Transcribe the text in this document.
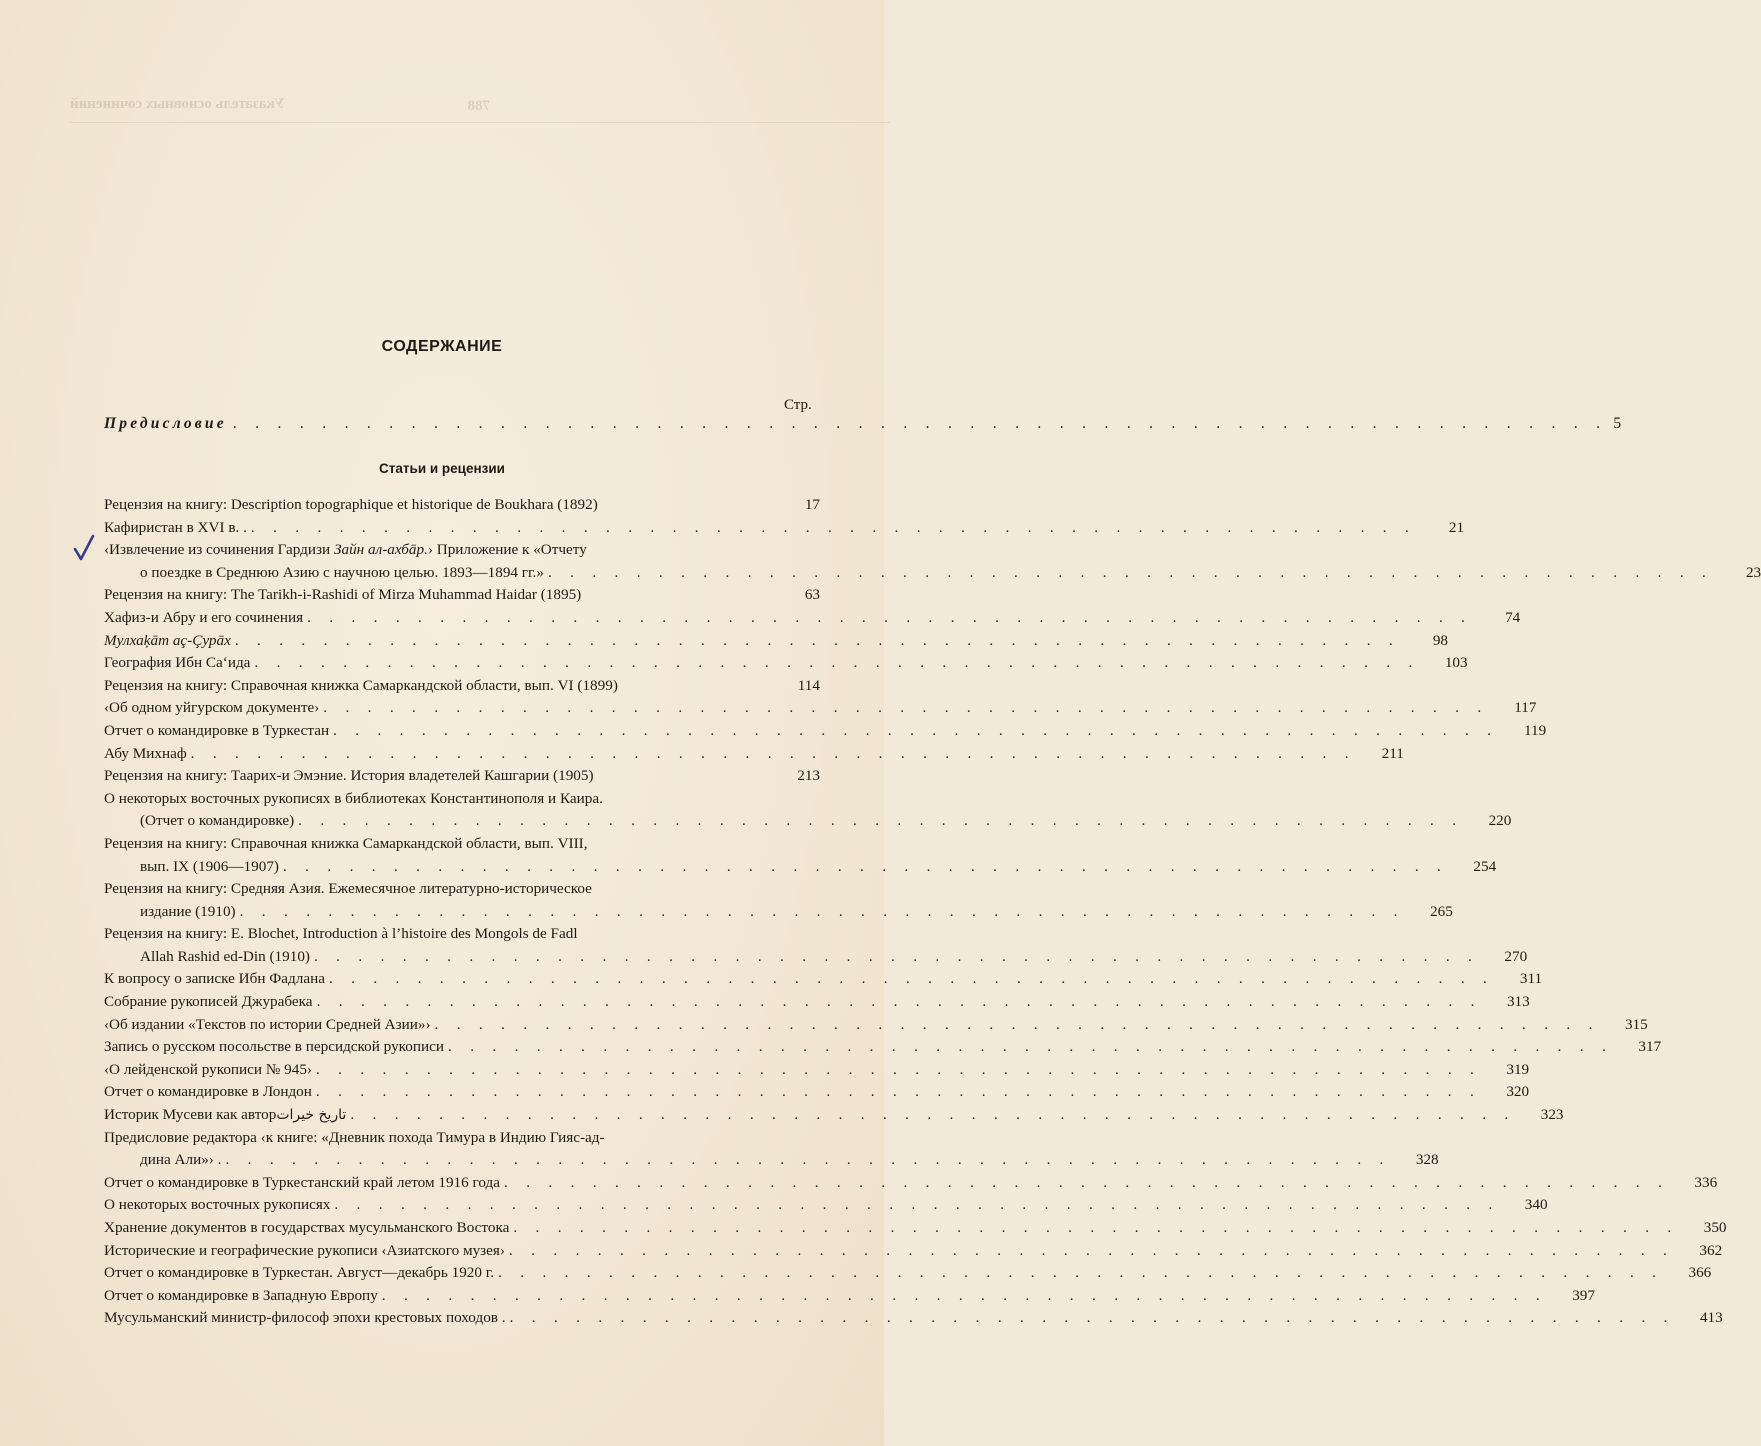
788
Указатель основных сочинений
СОДЕРЖАНИЕ
Стр.
Предисловие . . . . . . . . . . . . . . . . . . . . . . . . . . . . . . . . . . . . . . . . . . . . . . . . . . . . . . . . . . . . . . 5
Статьи и рецензии
Рецензия на книгу: Description topographique et historique de Boukhara (1892)	17
Кафиристан в XVI в. . . . . . . . . . . . . . . . . . . . . . . . . . . . . . . . . . . . . . . . . . . . . . . . . . . . . . .	21
‹Извлечение из сочинения Гардизи Зайн ал-ахбāр.› Приложение к «Отчету
о поездке в Среднюю Азию с научною целью. 1893—1894 гг.» . . . . . . . . . . . . . . . . . . . . . . . . . . . . . . . . . . . . . . . . . . . . . . . . . . . . .	23
Рецензия на книгу: The Tarikh-i-Rashidi of Mirza Muhammad Haidar (1895)	63
Хафиз-и Абру и его сочинения . . . . . . . . . . . . . . . . . . . . . . . . . . . . . . . . . . . . . . . . . . . . . . . . . . . . .	74
Мулхаķāт аç-Çурāх . . . . . . . . . . . . . . . . . . . . . . . . . . . . . . . . . . . . . . . . . . . . . . . . . . . . .	98
География Ибн Саʻида . . . . . . . . . . . . . . . . . . . . . . . . . . . . . . . . . . . . . . . . . . . . . . . . . . . . .	103
Рецензия на книгу: Справочная книжка Самаркандской области, вып. VI (1899)	114
‹Об одном уйгурском документе› . . . . . . . . . . . . . . . . . . . . . . . . . . . . . . . . . . . . . . . . . . . . . . . . . . . . .	117
Отчет о командировке в Туркестан . . . . . . . . . . . . . . . . . . . . . . . . . . . . . . . . . . . . . . . . . . . . . . . . . . . . .	119
Абу Михнаф . . . . . . . . . . . . . . . . . . . . . . . . . . . . . . . . . . . . . . . . . . . . . . . . . . . . .	211
Рецензия на книгу: Таарих-и Эмэние. История владетелей Кашгарии (1905)	213
О некоторых восточных рукописях в библиотеках Константинополя и Каира.
(Отчет о командировке) . . . . . . . . . . . . . . . . . . . . . . . . . . . . . . . . . . . . . . . . . . . . . . . . . . . . .	220
Рецензия на книгу: Справочная книжка Самаркандской области, вып. VIII,
вып. IX (1906—1907) . . . . . . . . . . . . . . . . . . . . . . . . . . . . . . . . . . . . . . . . . . . . . . . . . . . . .	254
Рецензия на книгу: Средняя Азия. Ежемесячное литературно-историческое
издание (1910) . . . . . . . . . . . . . . . . . . . . . . . . . . . . . . . . . . . . . . . . . . . . . . . . . . . . .	265
Рецензия на книгу: E. Blochet, Introduction à l’histoire des Mongols de Fadl
Allah Rashid ed-Din (1910) . . . . . . . . . . . . . . . . . . . . . . . . . . . . . . . . . . . . . . . . . . . . . . . . . . . . .	270
К вопросу о записке Ибн Фадлана . . . . . . . . . . . . . . . . . . . . . . . . . . . . . . . . . . . . . . . . . . . . . . . . . . . . .	311
Собрание рукописей Джурабека . . . . . . . . . . . . . . . . . . . . . . . . . . . . . . . . . . . . . . . . . . . . . . . . . . . . .	313
‹Об издании «Текстов по истории Средней Азии»› . . . . . . . . . . . . . . . . . . . . . . . . . . . . . . . . . . . . . . . . . . . . . . . . . . . . .	315
Запись о русском посольстве в персидской рукописи . . . . . . . . . . . . . . . . . . . . . . . . . . . . . . . . . . . . . . . . . . . . . . . . . . . . .	317
‹О лейденской рукописи № 945› . . . . . . . . . . . . . . . . . . . . . . . . . . . . . . . . . . . . . . . . . . . . . . . . . . . . .	319
Отчет о командировке в Лондон . . . . . . . . . . . . . . . . . . . . . . . . . . . . . . . . . . . . . . . . . . . . . . . . . . . . .	320
Историк Мусеви как автор تاريخ خيرات . . . . . . . . . . . . . . . . . . . . . . . . . . . . . . . . . . . . . . . . . . . . . . . . . . . . .	323
Предисловие редактора ‹к книге: «Дневник похода Тимура в Индию Гияс-ад-
дина Али»› . . . . . . . . . . . . . . . . . . . . . . . . . . . . . . . . . . . . . . . . . . . . . . . . . . . . . .	328
Отчет о командировке в Туркестанский край летом 1916 года . . . . . . . . . . . . . . . . . . . . . . . . . . . . . . . . . . . . . . . . . . . . . . . . . . . . .	336
О некоторых восточных рукописях . . . . . . . . . . . . . . . . . . . . . . . . . . . . . . . . . . . . . . . . . . . . . . . . . . . . .	340
Хранение документов в государствах мусульманского Востока . . . . . . . . . . . . . . . . . . . . . . . . . . . . . . . . . . . . . . . . . . . . . . . . . . . . .	350
Исторические и географические рукописи ‹Азиатского музея› . . . . . . . . . . . . . . . . . . . . . . . . . . . . . . . . . . . . . . . . . . . . . . . . . . . . .	362
Отчет о командировке в Туркестан. Август—декабрь 1920 г. . . . . . . . . . . . . . . . . . . . . . . . . . . . . . . . . . . . . . . . . . . . . . . . . . . . . .	366
Отчет о командировке в Западную Европу . . . . . . . . . . . . . . . . . . . . . . . . . . . . . . . . . . . . . . . . . . . . . . . . . . . . .	397
Мусульманский министр-философ эпохи крестовых походов . . . . . . . . . . . . . . . . . . . . . . . . . . . . . . . . . . . . . . . . . . . . . . . . . . . . . .	413
